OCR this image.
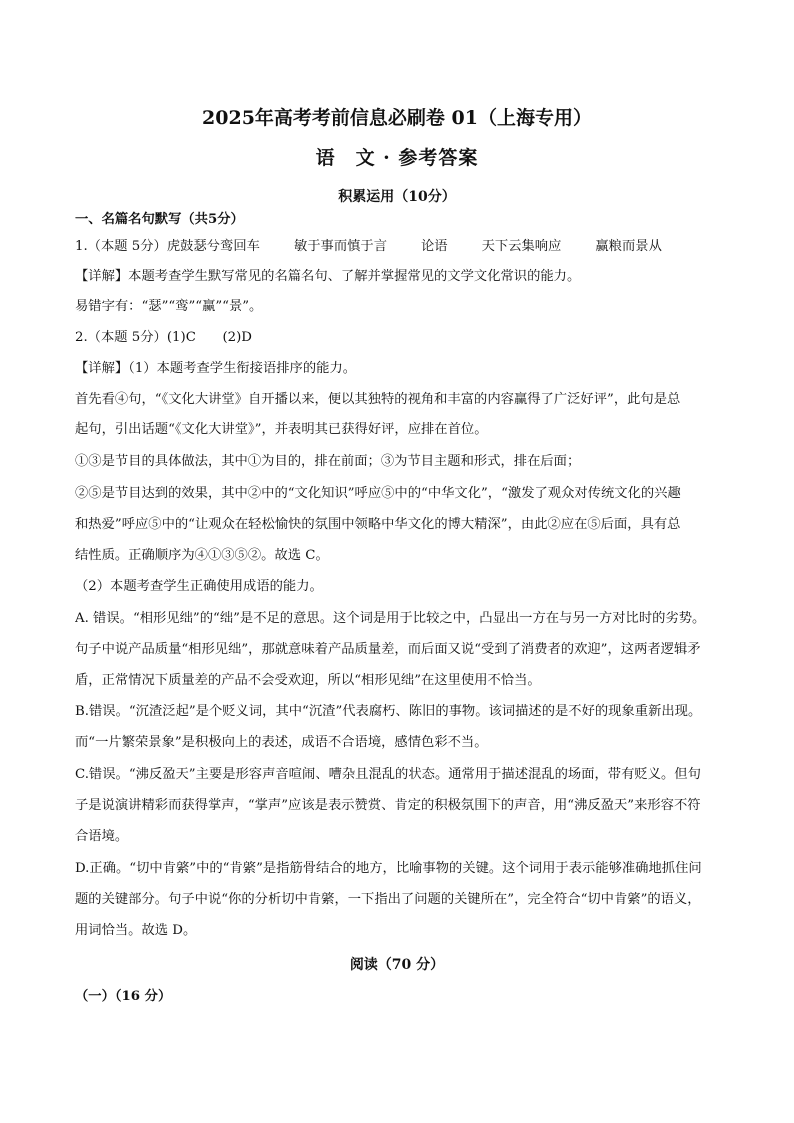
2025年高考考前信息必刷卷 01（上海专用）
语　文 · 参考答案
积累运用（10分）
一、名篇名句默写（共5分）
1.（本题 5分）虎鼓瑟兮鸾回车	敏于事而慎于言	论语	天下云集响应	赢粮而景从
【详解】本题考查学生默写常见的名篇名句、了解并掌握常见的文学文化常识的能力。
易错字有：“瑟”“鸾”“赢”“景”。
2.（本题 5分）(1)C　　(2)D
【详解】（1）本题考查学生衔接语排序的能力。
首先看④句，“《文化大讲堂》自开播以来，便以其独特的视角和丰富的内容赢得了广泛好评”，此句是总
起句，引出话题“《文化大讲堂》”，并表明其已获得好评，应排在首位。
①③是节目的具体做法，其中①为目的，排在前面；③为节目主题和形式，排在后面；
②⑤是节目达到的效果，其中②中的“文化知识”呼应⑤中的“中华文化”，“激发了观众对传统文化的兴趣
和热爱”呼应⑤中的“让观众在轻松愉快的氛围中领略中华文化的博大精深”，由此②应在⑤后面，具有总
结性质。正确顺序为④①③⑤②。故选 C。
（2）本题考查学生正确使用成语的能力。
A. 错误。“相形见绌”的“绌”是不足的意思。这个词是用于比较之中，凸显出一方在与另一方对比时的劣势。
句子中说产品质量“相形见绌”，那就意味着产品质量差，而后面又说“受到了消费者的欢迎”，这两者逻辑矛
盾，正常情况下质量差的产品不会受欢迎，所以“相形见绌”在这里使用不恰当。
B.错误。“沉渣泛起”是个贬义词，其中“沉渣”代表腐朽、陈旧的事物。该词描述的是不好的现象重新出现。
而“一片繁荣景象”是积极向上的表述，成语不合语境，感情色彩不当。
C.错误。“沸反盈天”主要是形容声音喧闹、嘈杂且混乱的状态。通常用于描述混乱的场面，带有贬义。但句
子是说演讲精彩而获得掌声，“掌声”应该是表示赞赏、肯定的积极氛围下的声音，用“沸反盈天”来形容不符
合语境。
D.正确。“切中肯綮”中的“肯綮”是指筋骨结合的地方，比喻事物的关键。这个词用于表示能够准确地抓住问
题的关键部分。句子中说“你的分析切中肯綮，一下指出了问题的关键所在”，完全符合“切中肯綮”的语义，
用词恰当。故选 D。
阅读（70 分）
（一）（16 分）
